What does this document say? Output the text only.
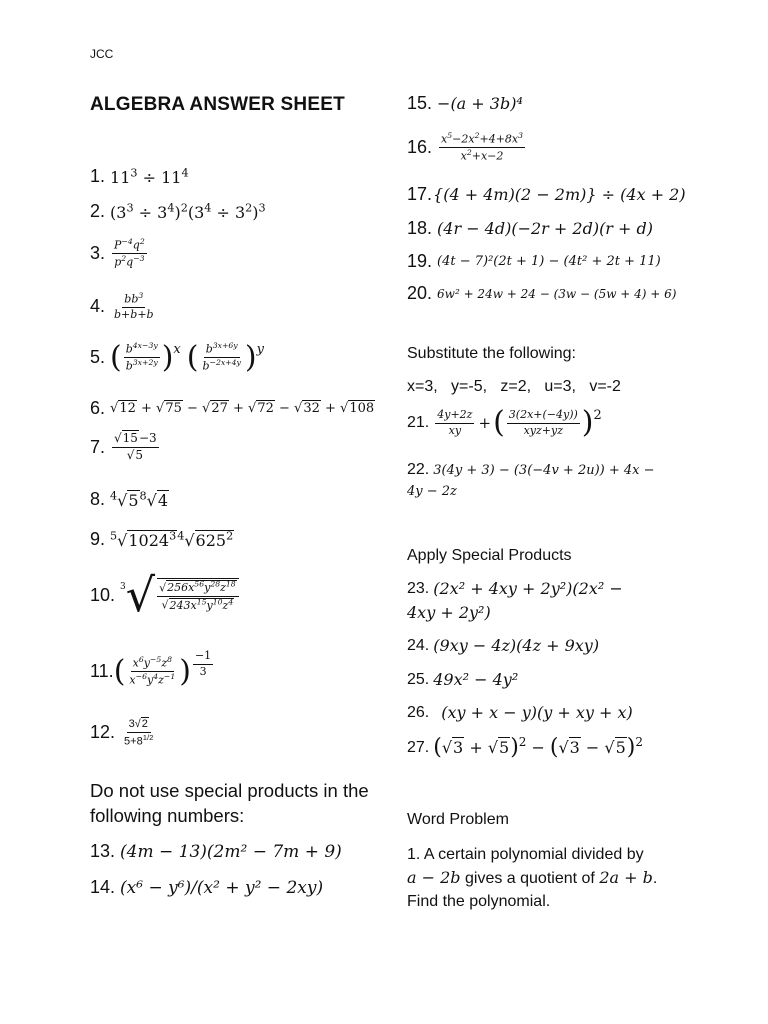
JCC
ALGEBRA ANSWER SHEET
1. $11^3 \div 11^4$
2. $(3^3 \div 3^4)^2(3^4 \div 3^2)^3$
3. $\frac{P^{-4}q^2}{p^2q^{-3}}$
4. $\frac{bb^3}{b+b+b}$
5. ( $\frac{b^{4x-3y}}{b^{3x+2y}} )^x$ ( $\frac{b^{3x+6y}}{b^{-2x+4y}} )^y$
6. √12 + √75 − √27 + √72 − √32 + √108
7. $\frac{√15-3}{√5}$
8. $^4√5^8√4$
9. $^5√1024^{34}√625^2$
10. 3 √ $\frac{√256x^{56}y^{28}z^{18}}{√243x^{15}y^{10}z^4}$
11. ( $\frac{x^6y^{-5}z^8}{x^{-6}y^4z^{-1}}$ ) $\frac{-1}{3}$
12. $\frac{3√2}{5+8^{1/2}}$
Do not use special products in the following numbers:
13. (4m − 13)(2m² − 7m + 9)
14. (x⁶ − y⁶)/(x² + y² − 2xy)
15. −(a + 3b)⁴
16. $\frac{x^5-2x^2+4+8x^3}{x^2+x-2}$
17. {(4 + 4m)(2 − 2m)} ÷ (4x + 2)
18. (4r − 4d)(−2r + 2d)(r + d)
19. (4t − 7)²(2t + 1) − (4t² + 2t + 11)
20. 6w² + 24w + 24 − (3w − (5w + 4) + 6)
Substitute the following:
x=3,   y=-5,   z=2,   u=3,   v=-2
21. $\frac{4y+2z}{xy}$ + ( $\frac{3(2x+(-4y))}{\text{xyz+yz}} )^2$
22. 3(4y + 3) − (3(−4v + 2u)) + 4x −
4y − 2z
Apply Special Products
23. (2x² + 4xy + 2y²)(2x² −
4xy + 2y²)
24. (9xy − 4z)(4z + 9xy)
25. 49x² − 4y²
26. (xy + x − y)(y + xy + x)
27. ( √3 + √5 )$^2$ − ( √3 − √5 )$^2$
Word Problem
1. A certain polynomial divided by
a − 2b gives a quotient of 2a + b.
Find the polynomial.
